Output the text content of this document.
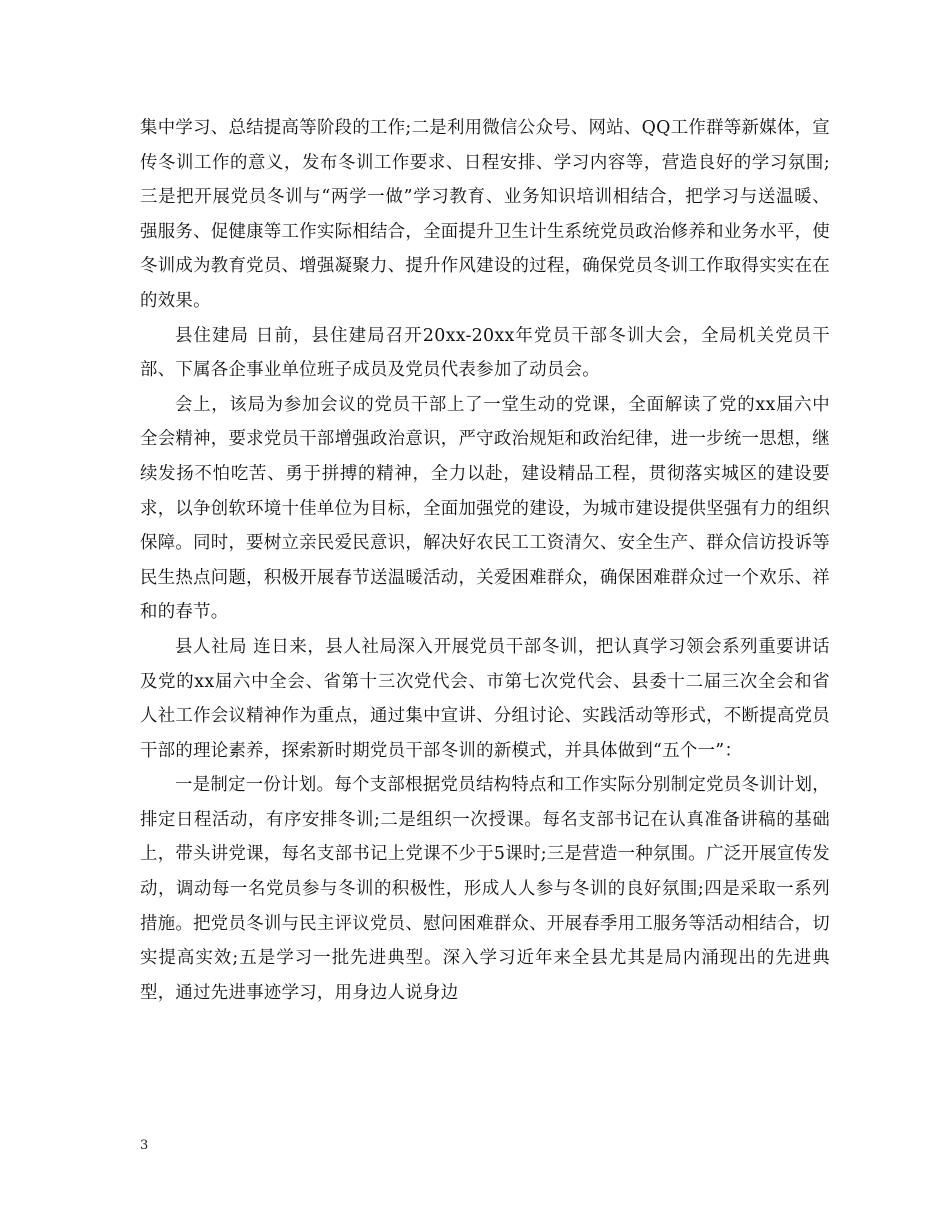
集中学习、总结提高等阶段的工作;二是利用微信公众号、网站、QQ工作群等新媒体，宣传冬训工作的意义，发布冬训工作要求、日程安排、学习内容等，营造良好的学习氛围;三是把开展党员冬训与“两学一做”学习教育、业务知识培训相结合，把学习与送温暖、强服务、促健康等工作实际相结合，全面提升卫生计生系统党员政治修养和业务水平，使冬训成为教育党员、增强凝聚力、提升作风建设的过程，确保党员冬训工作取得实实在在的效果。

县住建局 日前，县住建局召开20xx-20xx年党员干部冬训大会，全局机关党员干部、下属各企事业单位班子成员及党员代表参加了动员会。

会上，该局为参加会议的党员干部上了一堂生动的党课，全面解读了党的xx届六中全会精神，要求党员干部增强政治意识，严守政治规矩和政治纪律，进一步统一思想，继续发扬不怕吃苦、勇于拼搏的精神，全力以赴，建设精品工程，贯彻落实城区的建设要求，以争创软环境十佳单位为目标，全面加强党的建设，为城市建设提供坚强有力的组织保障。同时，要树立亲民爱民意识，解决好农民工工资清欠、安全生产、群众信访投诉等民生热点问题，积极开展春节送温暖活动，关爱困难群众，确保困难群众过一个欢乐、祥和的春节。

县人社局 连日来，县人社局深入开展党员干部冬训，把认真学习领会系列重要讲话及党的xx届六中全会、省第十三次党代会、市第七次党代会、县委十二届三次全会和省人社工作会议精神作为重点，通过集中宣讲、分组讨论、实践活动等形式，不断提高党员干部的理论素养，探索新时期党员干部冬训的新模式，并具体做到“五个一”：

一是制定一份计划。每个支部根据党员结构特点和工作实际分别制定党员冬训计划，排定日程活动，有序安排冬训;二是组织一次授课。每名支部书记在认真准备讲稿的基础上，带头讲党课，每名支部书记上党课不少于5课时;三是营造一种氛围。广泛开展宣传发动，调动每一名党员参与冬训的积极性，形成人人参与冬训的良好氛围;四是采取一系列措施。把党员冬训与民主评议党员、慰问困难群众、开展春季用工服务等活动相结合，切实提高实效;五是学习一批先进典型。深入学习近年来全县尤其是局内涌现出的先进典型，通过先进事迹学习，用身边人说身边

3
